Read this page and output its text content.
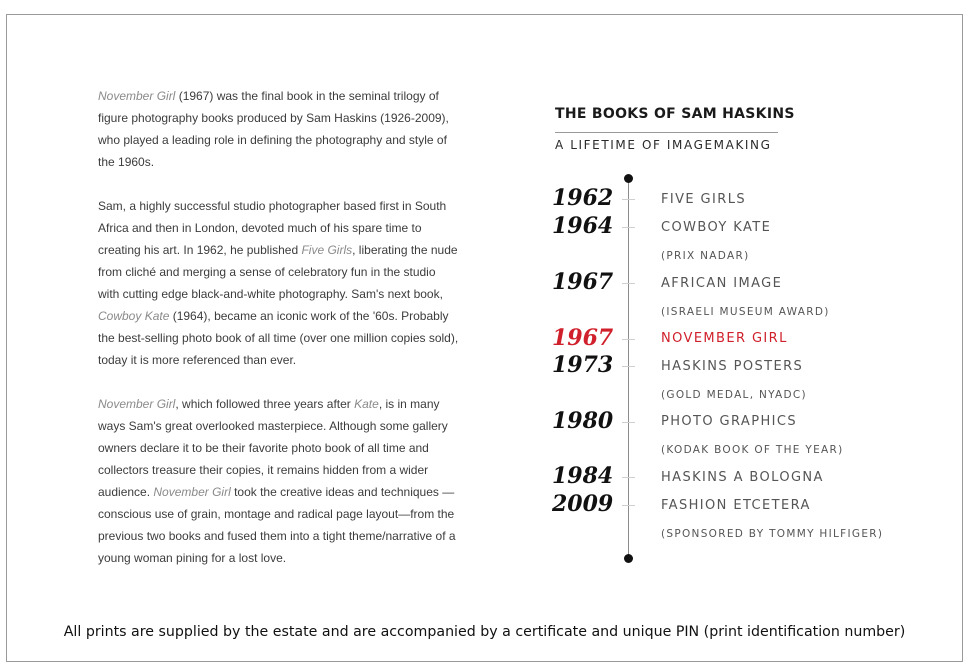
November Girl (1967) was the final book in the seminal trilogy of figure photography books produced by Sam Haskins (1926-2009), who played a leading role in defining the photography and style of the 1960s.

Sam, a highly successful studio photographer based first in South Africa and then in London, devoted much of his spare time to creating his art. In 1962, he published Five Girls, liberating the nude from cliché and merging a sense of celebratory fun in the studio with cutting edge black-and-white photography. Sam's next book, Cowboy Kate (1964), became an iconic work of the '60s. Probably the best-selling photo book of all time (over one million copies sold), today it is more referenced than ever.

November Girl, which followed three years after Kate, is in many ways Sam's great overlooked masterpiece. Although some gallery owners declare it to be their favorite photo book of all time and collectors treasure their copies, it remains hidden from a wider audience. November Girl took the creative ideas and techniques —conscious use of grain, montage and radical page layout—from the previous two books and fused them into a tight theme/narrative of a young woman pining for a lost love.

THE BOOKS OF SAM HASKINS
A LIFETIME OF IMAGEMAKING
1962	FIVE GIRLS
1964	COWBOY KATE
(PRIX NADAR)
1967	AFRICAN IMAGE
(ISRAELI MUSEUM AWARD)
1967	NOVEMBER GIRL
1973	HASKINS POSTERS
(GOLD MEDAL, NYADC)
1980	PHOTO GRAPHICS
(KODAK BOOK OF THE YEAR)
1984	HASKINS A BOLOGNA
2009	FASHION ETCETERA
(SPONSORED BY TOMMY HILFIGER)
All prints are supplied by the estate and are accompanied by a certificate and unique PIN (print identification number)
